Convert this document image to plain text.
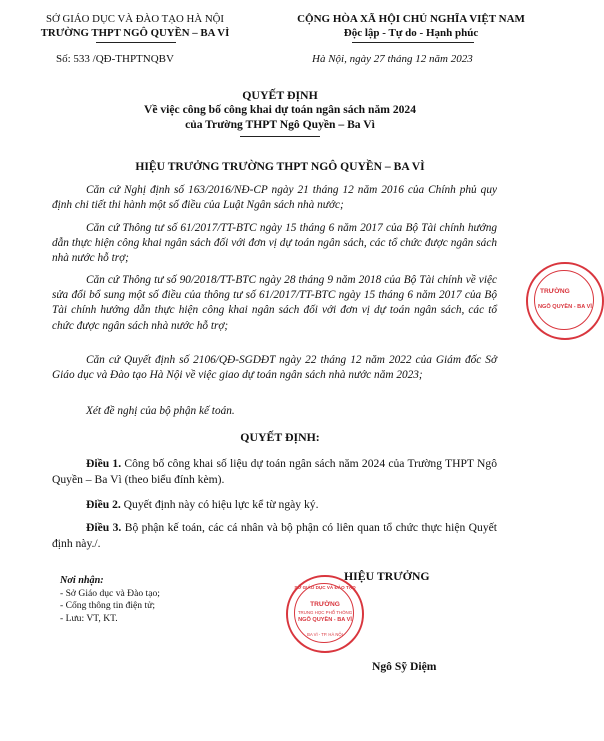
SỞ GIÁO DỤC VÀ ĐÀO TẠO HÀ NỘI
TRƯỜNG THPT NGÔ QUYỀN – BA VÌ
Số: 533 /QĐ-THPTNQBV
CỘNG HÒA XÃ HỘI CHỦ NGHĨA VIỆT NAM
Độc lập - Tự do - Hạnh phúc
Hà Nội, ngày 27 tháng 12 năm 2023
QUYẾT ĐỊNH
Về việc công bố công khai dự toán ngân sách năm 2024
của Trường THPT Ngô Quyền – Ba Vì
HIỆU TRƯỞNG TRƯỜNG THPT NGÔ QUYỀN – BA VÌ
Căn cứ Nghị định số 163/2016/NĐ-CP ngày 21 tháng 12 năm 2016 của Chính phủ quy định chi tiết thi hành một số điều của Luật Ngân sách nhà nước;
Căn cứ Thông tư số 61/2017/TT-BTC ngày 15 tháng 6 năm 2017 của Bộ Tài chính hướng dẫn thực hiện công khai ngân sách đối với đơn vị dự toán ngân sách, các tổ chức được ngân sách nhà nước hỗ trợ;
Căn cứ Thông tư số 90/2018/TT-BTC ngày 28 tháng 9 năm 2018 của Bộ Tài chính về việc sửa đổi bổ sung một số điều của thông tư số 61/2017/TT-BTC ngày 15 tháng 6 năm 2017 của Bộ Tài chính hướng dẫn thực hiện công khai ngân sách đối với đơn vị dự toán ngân sách, các tổ chức được ngân sách nhà nước hỗ trợ;
Căn cứ Quyết định số 2106/QĐ-SGDĐT ngày 22 tháng 12 năm 2022 của Giám đốc Sở Giáo dục và Đào tạo Hà Nội về việc giao dự toán ngân sách nhà nước năm 2023;
Xét đề nghị của bộ phận kế toán.
QUYẾT ĐỊNH:
Điều 1. Công bố công khai số liệu dự toán ngân sách năm 2024 của Trường THPT Ngô Quyền – Ba Vì (theo biểu đính kèm).
Điều 2. Quyết định này có hiệu lực kể từ ngày ký.
Điều 3. Bộ phận kế toán, các cá nhân và bộ phận có liên quan tổ chức thực hiện Quyết định này./.
Nơi nhận:
- Sở Giáo dục và Đào tạo;
- Cổng thông tin điện tử;
- Lưu: VT, KT.
HIỆU TRƯỞNG
Ngô Sỹ Diệm
SỞ GIÁO DỤC VÀ ĐÀO TẠO
TRƯỜNG
TRUNG HỌC PHỔ THÔNG
NGÔ QUYỀN - BA VÌ
BA VÌ - TP. HÀ NỘI
TRƯỜNG
NGÔ QUYỀN - BA VÌ
